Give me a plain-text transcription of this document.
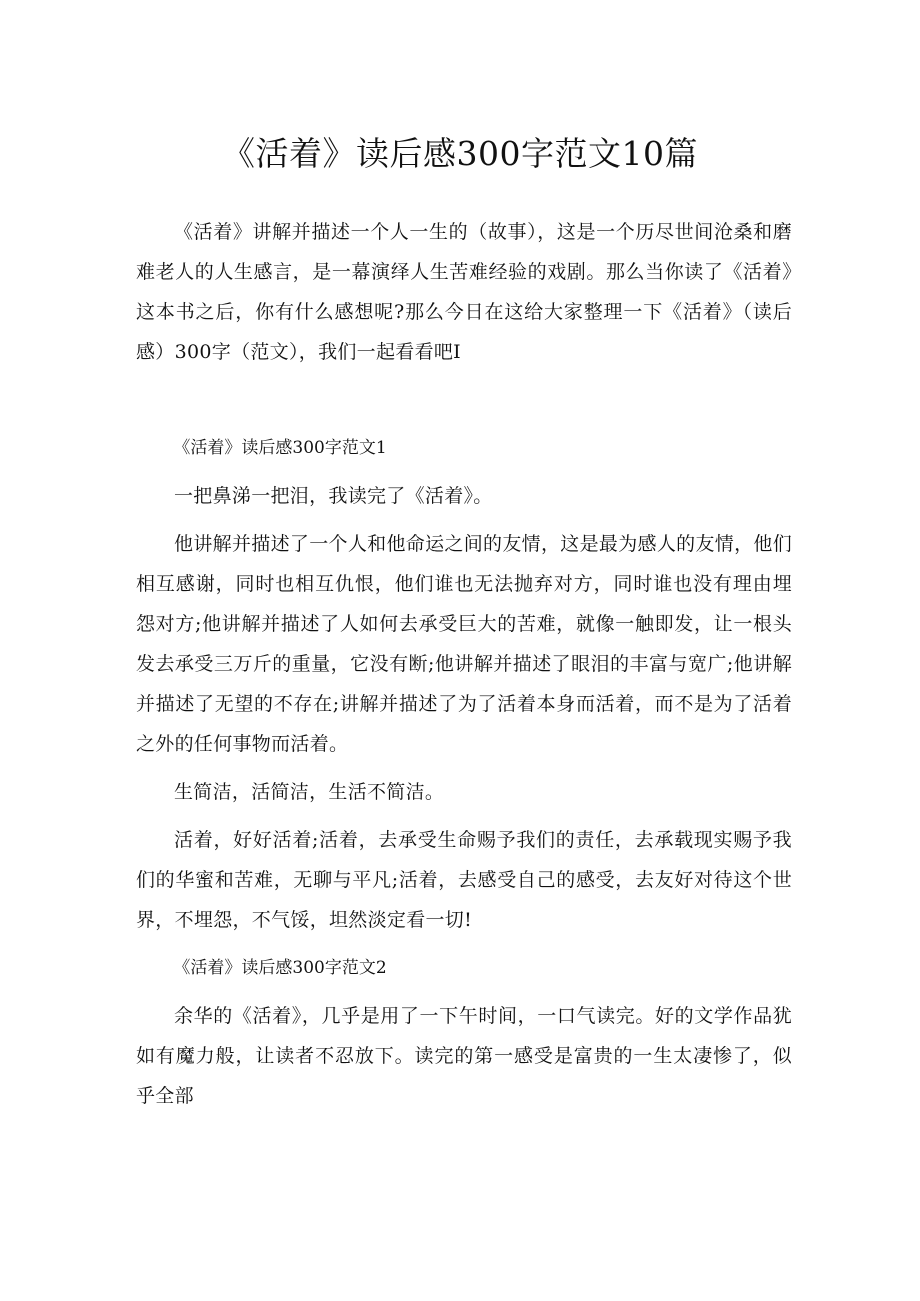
《活着》读后感300字范文10篇

《活着》讲解并描述一个人一生的（故事），这是一个历尽世间沧桑和磨难老人的人生感言，是一幕演绎人生苦难经验的戏剧。那么当你读了《活着》这本书之后，你有什么感想呢?那么今日在这给大家整理一下《活着》（读后感）300字（范文），我们一起看看吧I

《活着》读后感300字范文1

一把鼻涕一把泪，我读完了《活着》。

他讲解并描述了一个人和他命运之间的友情，这是最为感人的友情，他们相互感谢，同时也相互仇恨，他们谁也无法抛弃对方，同时谁也没有理由埋怨对方;他讲解并描述了人如何去承受巨大的苦难，就像一触即发，让一根头发去承受三万斤的重量，它没有断;他讲解并描述了眼泪的丰富与宽广;他讲解并描述了无望的不存在;讲解并描述了为了活着本身而活着，而不是为了活着之外的任何事物而活着。

生简洁，活简洁，生活不简洁。

活着，好好活着;活着，去承受生命赐予我们的责任，去承载现实赐予我们的华蜜和苦难，无聊与平凡;活着，去感受自己的感受，去友好对待这个世界，不埋怨，不气馁，坦然淡定看一切!

《活着》读后感300字范文2

余华的《活着》，几乎是用了一下午时间，一口气读完。好的文学作品犹如有魔力般，让读者不忍放下。读完的第一感受是富贵的一生太凄惨了，似乎全部
